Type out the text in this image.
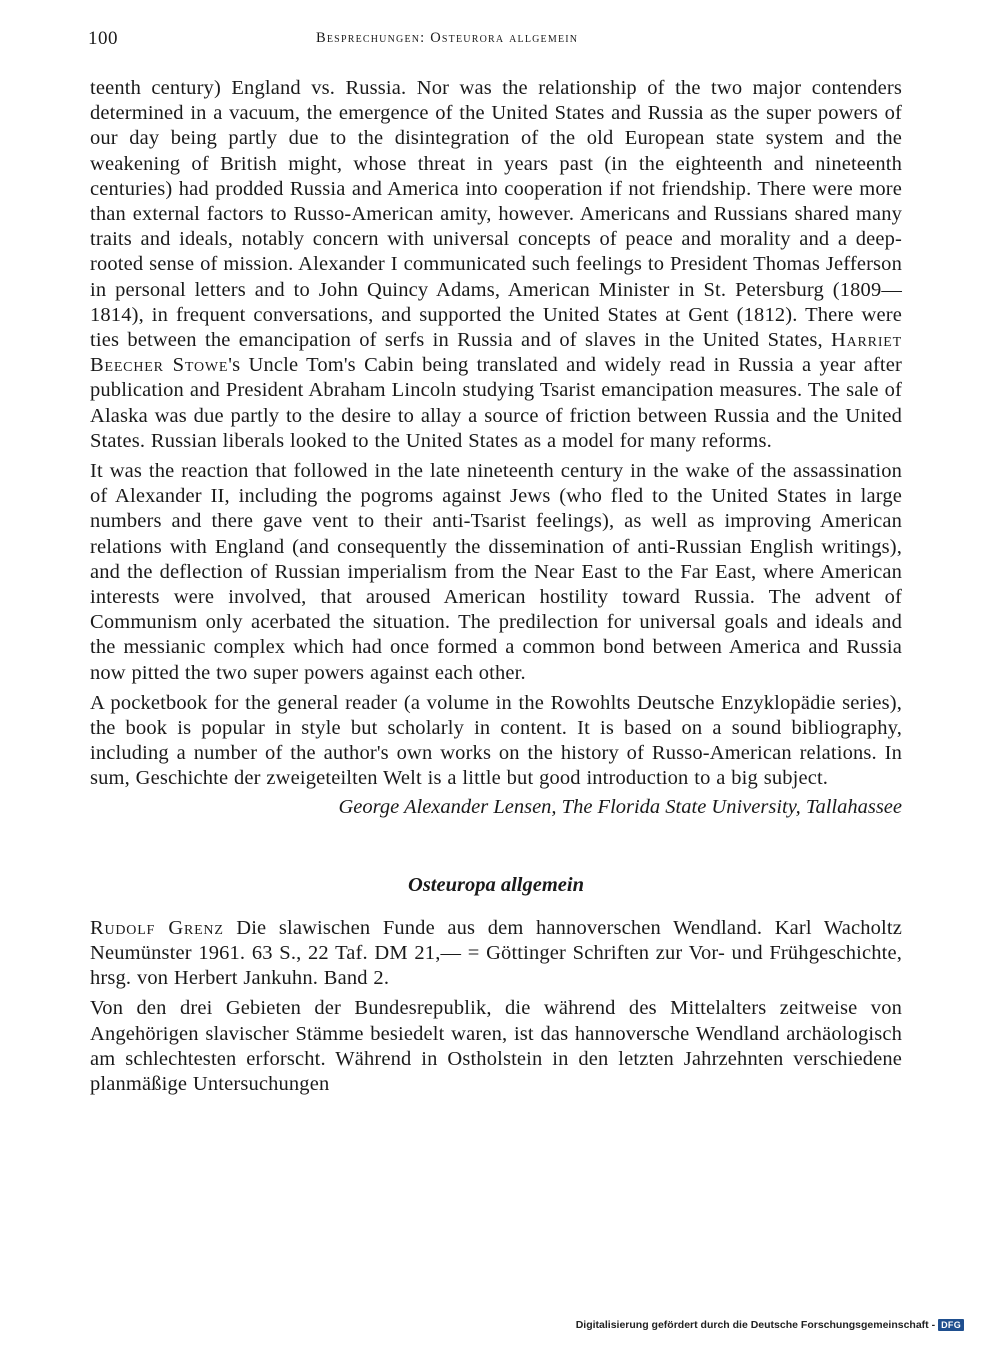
100	Besprechungen: Osteurora allgemein

teenth century) England vs. Russia. Nor was the relationship of the two major contenders determined in a vacuum, the emergence of the United States and Russia as the super powers of our day being partly due to the disintegration of the old European state system and the weakening of British might, whose threat in years past (in the eighteenth and nineteenth centuries) had prodded Russia and America into cooperation if not friendship. There were more than external factors to Russo-American amity, however. Americans and Russians shared many traits and ideals, notably concern with universal concepts of peace and morality and a deep-rooted sense of mission. Alexander I communicated such feelings to President Thomas Jefferson in personal letters and to John Quincy Adams, American Minister in St. Petersburg (1809—1814), in frequent conversations, and supported the United States at Gent (1812). There were ties between the emancipation of serfs in Russia and of slaves in the United States, Harriet Beecher Stowe's Uncle Tom's Cabin being translated and widely read in Russia a year after publication and President Abraham Lincoln studying Tsarist emancipation measures. The sale of Alaska was due partly to the desire to allay a source of friction between Russia and the United States. Russian liberals looked to the United States as a model for many reforms.

It was the reaction that followed in the late nineteenth century in the wake of the assassination of Alexander II, including the pogroms against Jews (who fled to the United States in large numbers and there gave vent to their anti-Tsarist feelings), as well as improving American relations with England (and consequently the dissemination of anti-Russian English writings), and the deflection of Russian imperialism from the Near East to the Far East, where American interests were involved, that aroused American hostility toward Russia. The advent of Communism only acerbated the situation. The predilection for universal goals and ideals and the messianic complex which had once formed a common bond between America and Russia now pitted the two super powers against each other.

A pocketbook for the general reader (a volume in the Rowohlts Deutsche Enzyklopädie series), the book is popular in style but scholarly in content. It is based on a sound bibliography, including a number of the author's own works on the history of Russo-American relations. In sum, Geschichte der zweigeteilten Welt is a little but good introduction to a big subject.

George Alexander Lensen, The Florida State University, Tallahassee

Osteuropa allgemein

Rudolf Grenz Die slawischen Funde aus dem hannoverschen Wendland. Karl Wacholtz Neumünster 1961. 63 S., 22 Taf. DM 21,— = Göttinger Schriften zur Vor- und Frühgeschichte, hrsg. von Herbert Jankuhn. Band 2.

Von den drei Gebieten der Bundesrepublik, die während des Mittelalters zeitweise von Angehörigen slavischer Stämme besiedelt waren, ist das hannoversche Wendland archäologisch am schlechtesten erforscht. Während in Ostholstein in den letzten Jahrzehnten verschiedene planmäßige Untersuchungen

Digitalisierung gefördert durch die Deutsche Forschungsgemeinschaft - DFG
